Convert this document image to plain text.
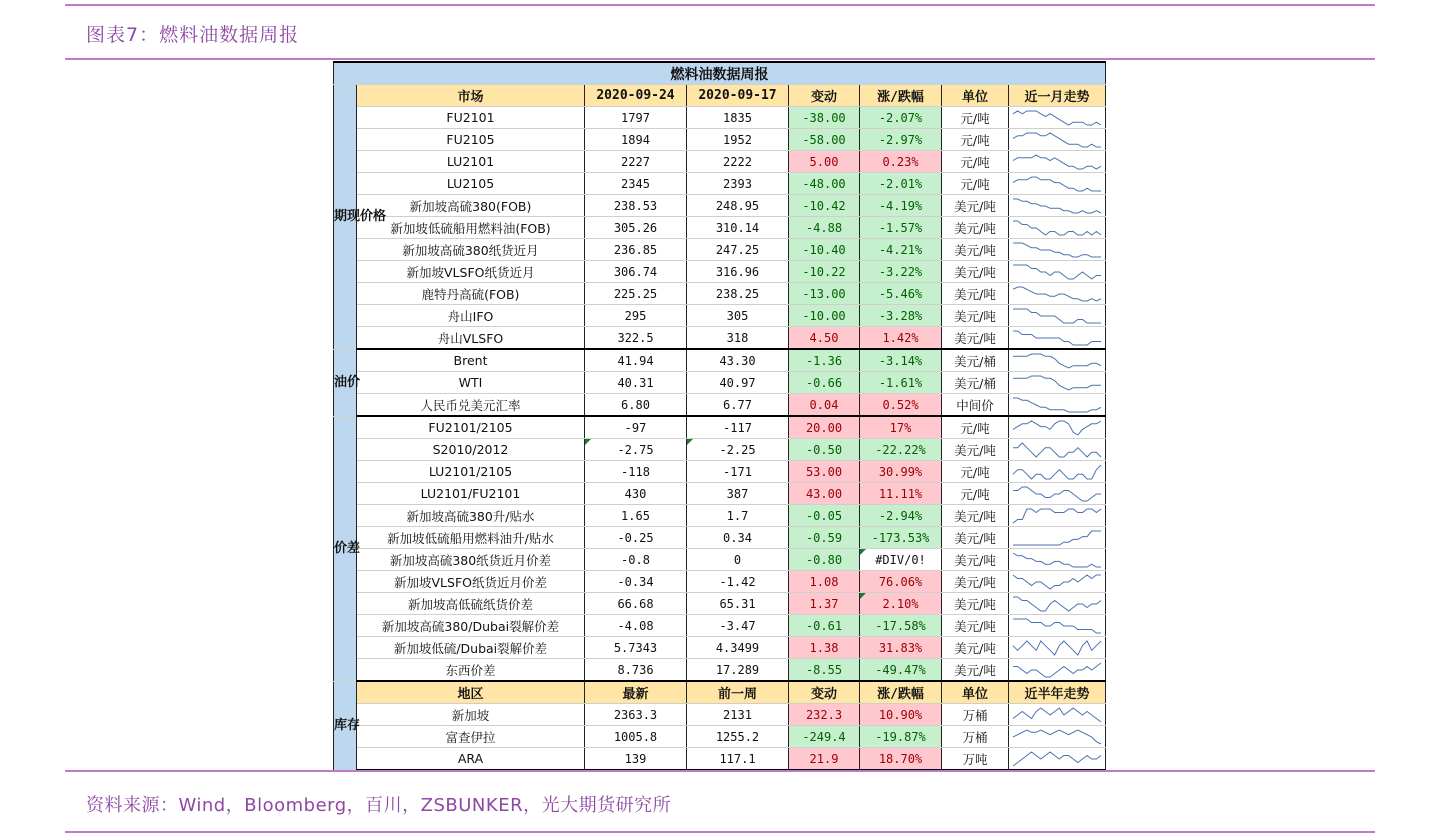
图表7：燃料油数据周报
燃料油数据周报							
期现价格	市场	2020-09-24	2020-09-17	变动	涨/跌幅	单位	近一月走势
	FU2101	1797	1835	-38.00	-2.07%	元/吨	

	FU2105	1894	1952	-58.00	-2.97%	元/吨	

	LU2101	2227	2222	5.00	0.23%	元/吨	

	LU2105	2345	2393	-48.00	-2.01%	元/吨	

	新加坡高硫380(FOB)	238.53	248.95	-10.42	-4.19%	美元/吨	

	新加坡低硫船用燃料油(FOB)	305.26	310.14	-4.88	-1.57%	美元/吨	

	新加坡高硫380纸货近月	236.85	247.25	-10.40	-4.21%	美元/吨	

	新加坡VLSFO纸货近月	306.74	316.96	-10.22	-3.22%	美元/吨	

	鹿特丹高硫(FOB)	225.25	238.25	-13.00	-5.46%	美元/吨	

	舟山IFO	295	305	-10.00	-3.28%	美元/吨	

	舟山VLSFO	322.5	318	4.50	1.42%	美元/吨	

油价	Brent	41.94	43.30	-1.36	-3.14%	美元/桶	

	WTI	40.31	40.97	-0.66	-1.61%	美元/桶	

	人民币兑美元汇率	6.80	6.77	0.04	0.52%	中间价	

价差	FU2101/2105	-97	-117	20.00	17%	元/吨	

	S2010/2012	-2.75	-2.25	-0.50	-22.22%	美元/吨	

	LU2101/2105	-118	-171	53.00	30.99%	元/吨	

	LU2101/FU2101	430	387	43.00	11.11%	元/吨	

	新加坡高硫380升/贴水	1.65	1.7	-0.05	-2.94%	美元/吨	

	新加坡低硫船用燃料油升/贴水	-0.25	0.34	-0.59	-173.53%	美元/吨	

	新加坡高硫380纸货近月价差	-0.8	0	-0.80	#DIV/0!	美元/吨	

	新加坡VLSFO纸货近月价差	-0.34	-1.42	1.08	76.06%	美元/吨	

	新加坡高低硫纸货价差	66.68	65.31	1.37	2.10%	美元/吨	

	新加坡高硫380/Dubai裂解价差	-4.08	-3.47	-0.61	-17.58%	美元/吨	

	新加坡低硫/Dubai裂解价差	5.7343	4.3499	1.38	31.83%	美元/吨	

	东西价差	8.736	17.289	-8.55	-49.47%	美元/吨	

库存	地区	最新	前一周	变动	涨/跌幅	单位	近半年走势
	新加坡	2363.3	2131	232.3	10.90%	万桶	

	富查伊拉	1005.8	1255.2	-249.4	-19.87%	万桶	

	ARA	139	117.1	21.9	18.70%	万吨	
资料来源：Wind，Bloomberg，百川，ZSBUNKER，光大期货研究所
